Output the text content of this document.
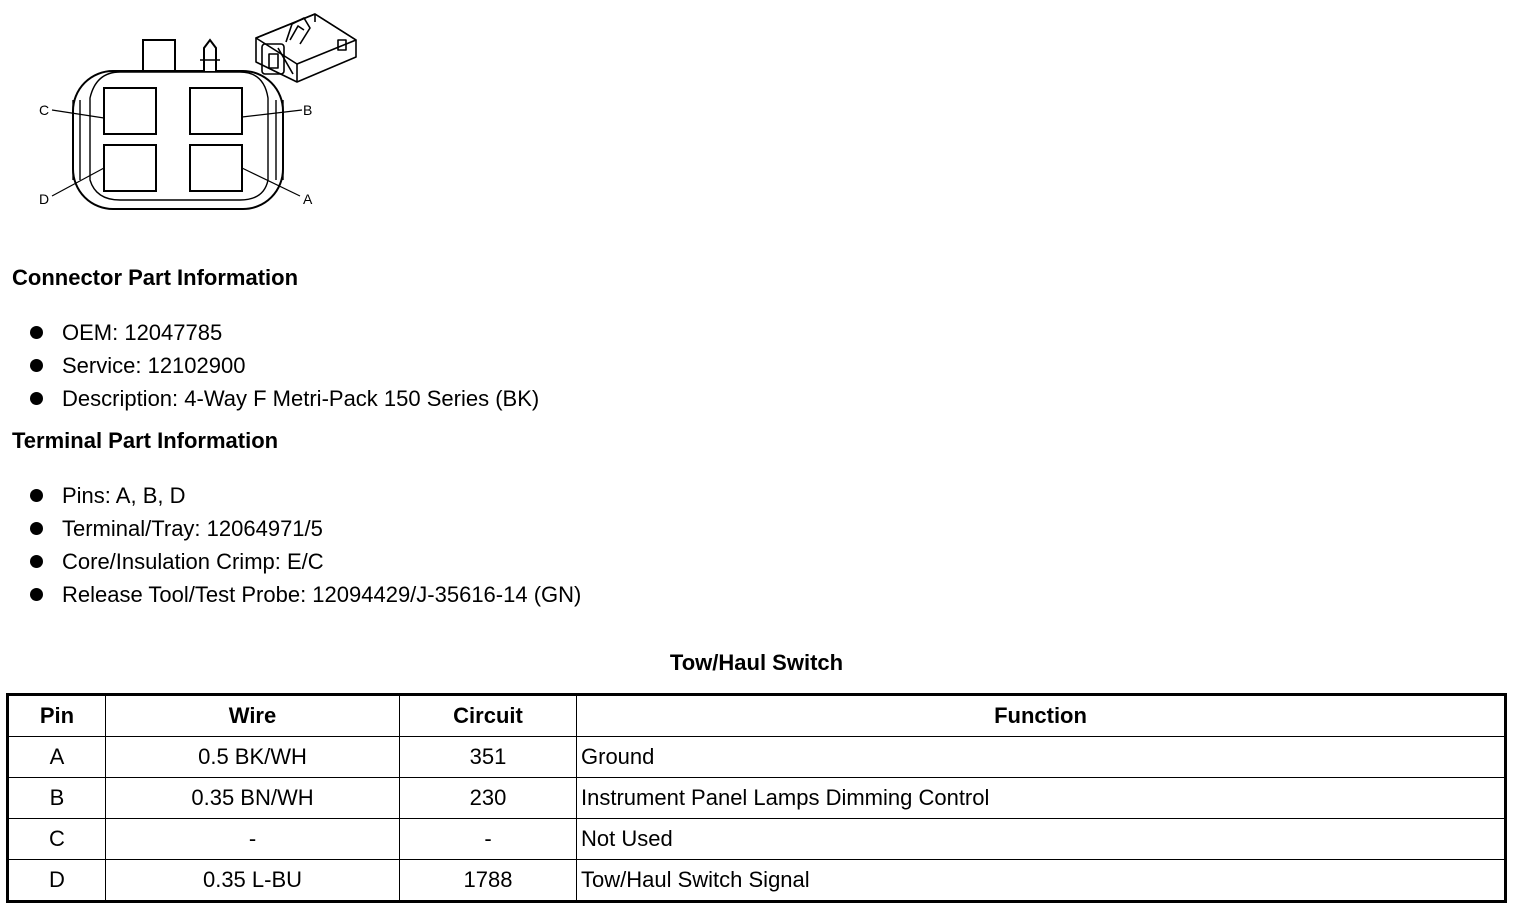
C	B
D	A
Connector Part Information
OEM: 12047785
Service: 12102900
Description: 4-Way F Metri-Pack 150 Series (BK)
Terminal Part Information
Pins: A, B, D
Terminal/Tray: 12064971/5
Core/Insulation Crimp: E/C
Release Tool/Test Probe: 12094429/J-35616-14 (GN)
Tow/Haul Switch
Pin	Wire	Circuit	Function
A	0.5 BK/WH	351	Ground
B	0.35 BN/WH	230	Instrument Panel Lamps Dimming Control
C	-	-	Not Used
D	0.35 L-BU	1788	Tow/Haul Switch Signal
